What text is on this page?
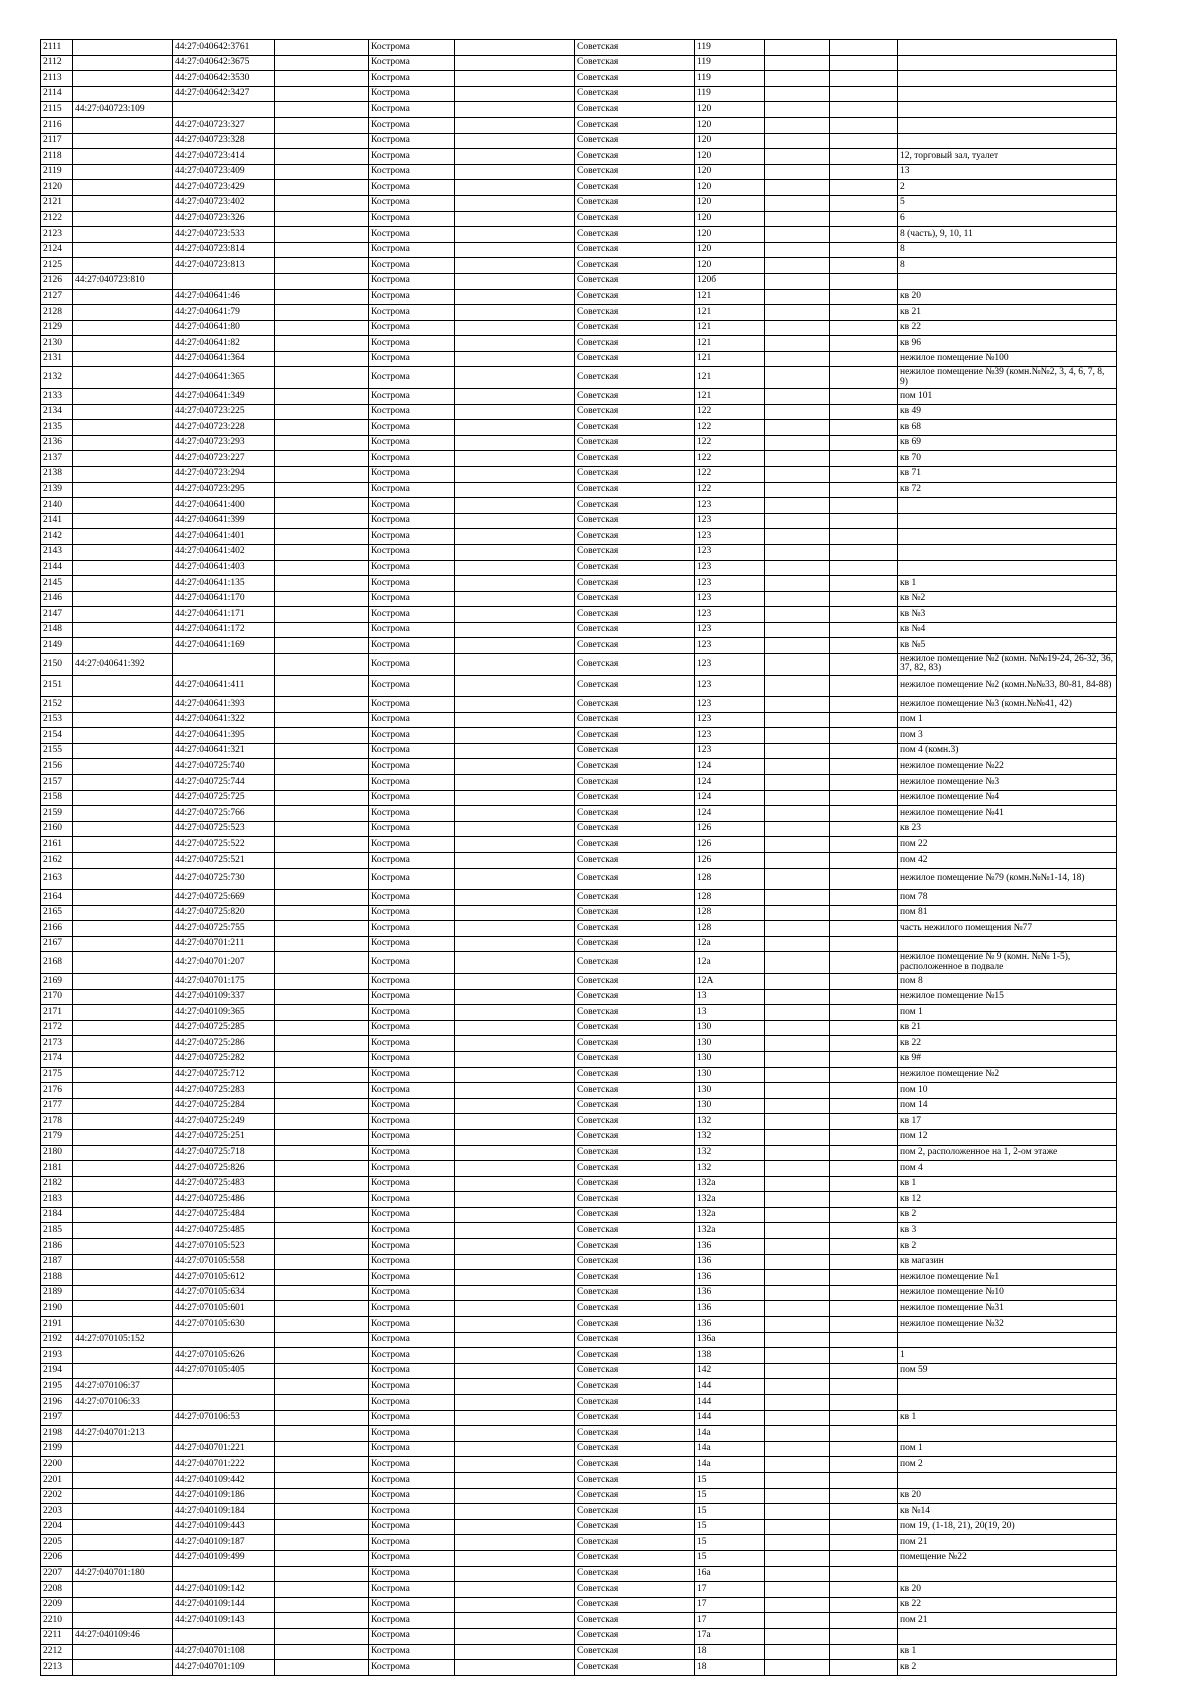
2111		44:27:040642:3761		Кострома		Советская	119			
2112		44:27:040642:3675		Кострома		Советская	119			
2113		44:27:040642:3530		Кострома		Советская	119			
2114		44:27:040642:3427		Кострома		Советская	119			
2115	44:27:040723:109			Кострома		Советская	120			
2116		44:27:040723:327		Кострома		Советская	120			
2117		44:27:040723:328		Кострома		Советская	120			
2118		44:27:040723:414		Кострома		Советская	120			12, торговый зал, туалет
2119		44:27:040723:409		Кострома		Советская	120			13
2120		44:27:040723:429		Кострома		Советская	120			2
2121		44:27:040723:402		Кострома		Советская	120			5
2122		44:27:040723:326		Кострома		Советская	120			6
2123		44:27:040723:533		Кострома		Советская	120			8 (часть), 9, 10, 11
2124		44:27:040723:814		Кострома		Советская	120			8
2125		44:27:040723:813		Кострома		Советская	120			8
2126	44:27:040723:810			Кострома		Советская	120б			
2127		44:27:040641:46		Кострома		Советская	121			кв 20
2128		44:27:040641:79		Кострома		Советская	121			кв 21
2129		44:27:040641:80		Кострома		Советская	121			кв 22
2130		44:27:040641:82		Кострома		Советская	121			кв 96
2131		44:27:040641:364		Кострома		Советская	121			нежилое помещение №100
2132		44:27:040641:365		Кострома		Советская	121			нежилое помещение №39 (комн.№№2, 3, 4, 6, 7, 8, 9)
2133		44:27:040641:349		Кострома		Советская	121			пом 101
2134		44:27:040723:225		Кострома		Советская	122			кв 49
2135		44:27:040723:228		Кострома		Советская	122			кв 68
2136		44:27:040723:293		Кострома		Советская	122			кв 69
2137		44:27:040723:227		Кострома		Советская	122			кв 70
2138		44:27:040723:294		Кострома		Советская	122			кв 71
2139		44:27:040723:295		Кострома		Советская	122			кв 72
2140		44:27:040641:400		Кострома		Советская	123			
2141		44:27:040641:399		Кострома		Советская	123			
2142		44:27:040641:401		Кострома		Советская	123			
2143		44:27:040641:402		Кострома		Советская	123			
2144		44:27:040641:403		Кострома		Советская	123			
2145		44:27:040641:135		Кострома		Советская	123			кв 1
2146		44:27:040641:170		Кострома		Советская	123			кв №2
2147		44:27:040641:171		Кострома		Советская	123			кв №3
2148		44:27:040641:172		Кострома		Советская	123			кв №4
2149		44:27:040641:169		Кострома		Советская	123			кв №5
2150	44:27:040641:392			Кострома		Советская	123			нежилое помещение №2 (комн. №№19-24, 26-32, 36, 37, 82, 83)
2151		44:27:040641:411		Кострома		Советская	123			нежилое помещение №2 (комн.№№33, 80-81, 84-88)
2152		44:27:040641:393		Кострома		Советская	123			нежилое помещение №3 (комн.№№41, 42)
2153		44:27:040641:322		Кострома		Советская	123			пом 1
2154		44:27:040641:395		Кострома		Советская	123			пом 3
2155		44:27:040641:321		Кострома		Советская	123			пом 4 (комн.3)
2156		44:27:040725:740		Кострома		Советская	124			нежилое помещение №22
2157		44:27:040725:744		Кострома		Советская	124			нежилое помещение №3
2158		44:27:040725:725		Кострома		Советская	124			нежилое помещение №4
2159		44:27:040725:766		Кострома		Советская	124			нежилое помещение №41
2160		44:27:040725:523		Кострома		Советская	126			кв 23
2161		44:27:040725:522		Кострома		Советская	126			пом 22
2162		44:27:040725:521		Кострома		Советская	126			пом 42
2163		44:27:040725:730		Кострома		Советская	128			нежилое помещение №79 (комн.№№1-14, 18)
2164		44:27:040725:669		Кострома		Советская	128			пом 78
2165		44:27:040725:820		Кострома		Советская	128			пом 81
2166		44:27:040725:755		Кострома		Советская	128			часть нежилого помещения №77
2167		44:27:040701:211		Кострома		Советская	12а			
2168		44:27:040701:207		Кострома		Советская	12а			нежилое помещение № 9 (комн. №№ 1-5), расположенное в подвале
2169		44:27:040701:175		Кострома		Советская	12А			пом 8
2170		44:27:040109:337		Кострома		Советская	13			нежилое помещение №15
2171		44:27:040109:365		Кострома		Советская	13			пом 1
2172		44:27:040725:285		Кострома		Советская	130			кв 21
2173		44:27:040725:286		Кострома		Советская	130			кв 22
2174		44:27:040725:282		Кострома		Советская	130			кв 9#
2175		44:27:040725:712		Кострома		Советская	130			нежилое помещение №2
2176		44:27:040725:283		Кострома		Советская	130			пом 10
2177		44:27:040725:284		Кострома		Советская	130			пом 14
2178		44:27:040725:249		Кострома		Советская	132			кв 17
2179		44:27:040725:251		Кострома		Советская	132			пом 12
2180		44:27:040725:718		Кострома		Советская	132			пом 2, расположенное на 1, 2-ом этаже
2181		44:27:040725:826		Кострома		Советская	132			пом 4
2182		44:27:040725:483		Кострома		Советская	132а			кв 1
2183		44:27:040725:486		Кострома		Советская	132а			кв 12
2184		44:27:040725:484		Кострома		Советская	132а			кв 2
2185		44:27:040725:485		Кострома		Советская	132а			кв 3
2186		44:27:070105:523		Кострома		Советская	136			кв 2
2187		44:27:070105:558		Кострома		Советская	136			кв магазин
2188		44:27:070105:612		Кострома		Советская	136			нежилое помещение №1
2189		44:27:070105:634		Кострома		Советская	136			нежилое помещение №10
2190		44:27:070105:601		Кострома		Советская	136			нежилое помещение №31
2191		44:27:070105:630		Кострома		Советская	136			нежилое помещение №32
2192	44:27:070105:152			Кострома		Советская	136а			
2193		44:27:070105:626		Кострома		Советская	138			1
2194		44:27:070105:405		Кострома		Советская	142			пом 59
2195	44:27:070106:37			Кострома		Советская	144			
2196	44:27:070106:33			Кострома		Советская	144			
2197		44:27:070106:53		Кострома		Советская	144			кв 1
2198	44:27:040701:213			Кострома		Советская	14а			
2199		44:27:040701:221		Кострома		Советская	14а			пом 1
2200		44:27:040701:222		Кострома		Советская	14а			пом 2
2201		44:27:040109:442		Кострома		Советская	15			
2202		44:27:040109:186		Кострома		Советская	15			кв 20
2203		44:27:040109:184		Кострома		Советская	15			кв №14
2204		44:27:040109:443		Кострома		Советская	15			пом 19, (1-18, 21), 20(19, 20)
2205		44:27:040109:187		Кострома		Советская	15			пом 21
2206		44:27:040109:499		Кострома		Советская	15			помещение №22
2207	44:27:040701:180			Кострома		Советская	16а			
2208		44:27:040109:142		Кострома		Советская	17			кв 20
2209		44:27:040109:144		Кострома		Советская	17			кв 22
2210		44:27:040109:143		Кострома		Советская	17			пом 21
2211	44:27:040109:46			Кострома		Советская	17а			
2212		44:27:040701:108		Кострома		Советская	18			кв 1
2213		44:27:040701:109		Кострома		Советская	18			кв 2
